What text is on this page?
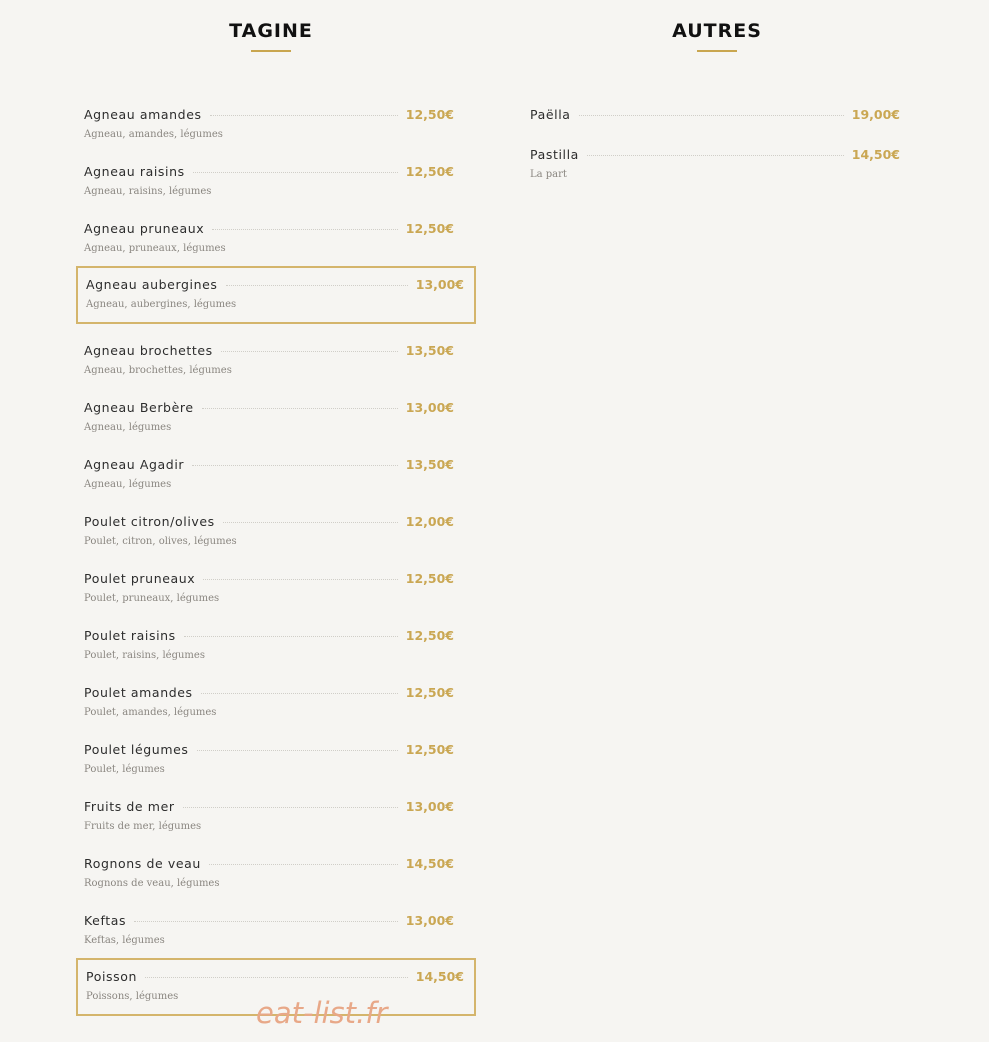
TAGINE
Agneau amandes	12,50€
Agneau, amandes, légumes
Agneau raisins	12,50€
Agneau, raisins, légumes
Agneau pruneaux	12,50€
Agneau, pruneaux, légumes
Agneau aubergines	13,00€
Agneau, aubergines, légumes
Agneau brochettes	13,50€
Agneau, brochettes, légumes
Agneau Berbère	13,00€
Agneau, légumes
Agneau Agadir	13,50€
Agneau, légumes
Poulet citron/olives	12,00€
Poulet, citron, olives, légumes
Poulet pruneaux	12,50€
Poulet, pruneaux, légumes
Poulet raisins	12,50€
Poulet, raisins, légumes
Poulet amandes	12,50€
Poulet, amandes, légumes
Poulet légumes	12,50€
Poulet, légumes
Fruits de mer	13,00€
Fruits de mer, légumes
Rognons de veau	14,50€
Rognons de veau, légumes
Keftas	13,00€
Keftas, légumes
Poisson	14,50€
Poissons, légumes
AUTRES
Paëlla	19,00€
Pastilla	14,50€
La part
eat-list.fr
